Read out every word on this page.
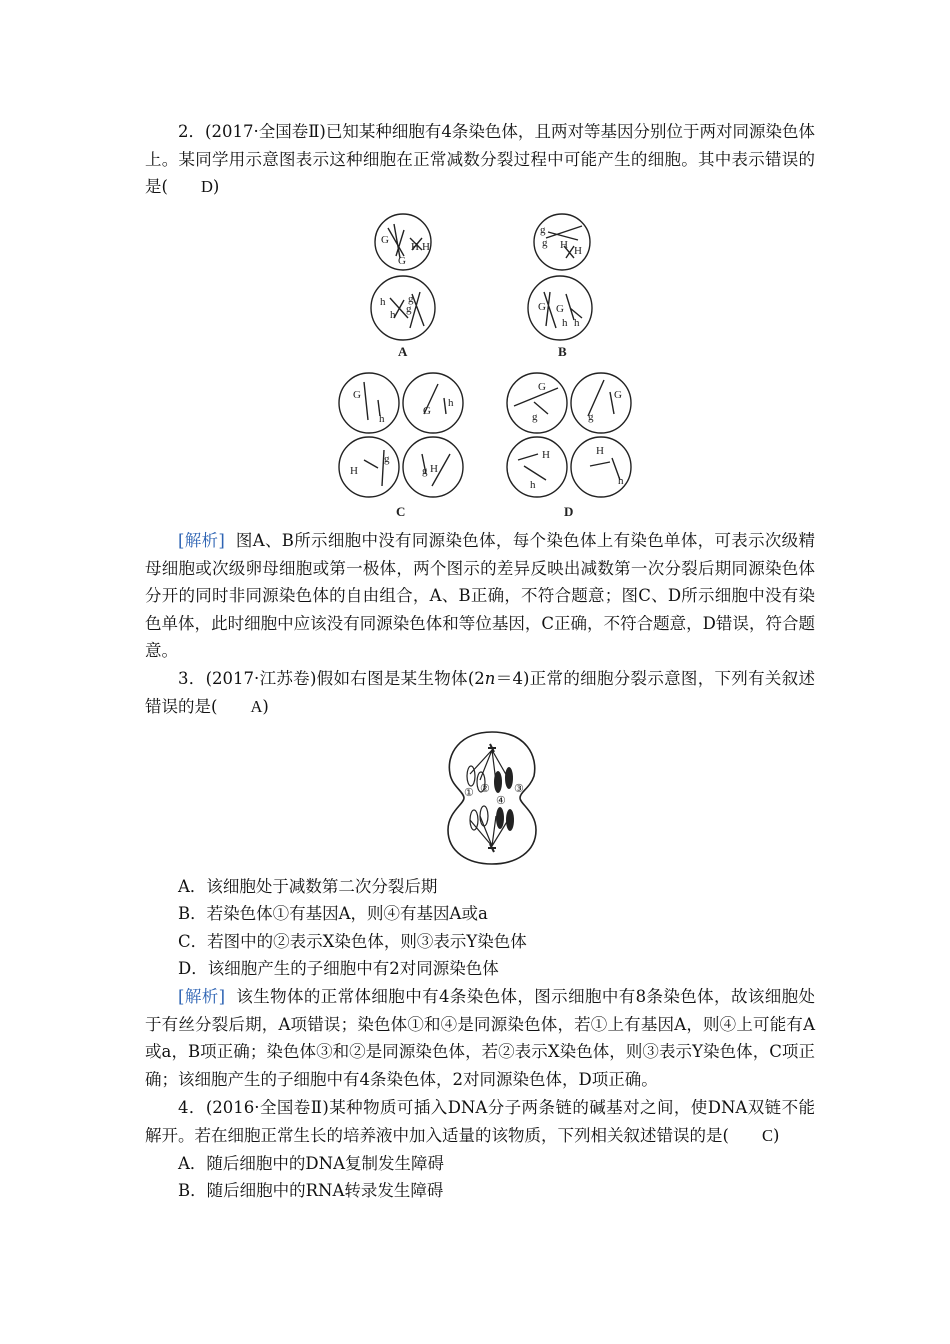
2．(2017·全国卷Ⅱ)已知某种细胞有4条染色体，且两对等基因分别位于两对同源染色体上。某同学用示意图表示这种细胞在正常减数分裂过程中可能产生的细胞。其中表示错误的是( D)
G
G
H H
h
h
g
g
g
g H H
G G
h h
A	B
G
h
G
h
H
g
g H
G
g	g
G
H
h
H
h
C	D
[解析] 图A、B所示细胞中没有同源染色体，每个染色体上有染色单体，可表示次级精母细胞或次级卵母细胞或第一极体，两个图示的差异反映出减数第一次分裂后期同源染色体分开的同时非同源染色体的自由组合，A、B正确，不符合题意；图C、D所示细胞中没有染色单体，此时细胞中应该没有同源染色体和等位基因，C正确，不符合题意，D错误，符合题意。
3．(2017·江苏卷)假如右图是某生物体(2n＝4)正常的细胞分裂示意图，下列有关叙述错误的是( A)
① ② ③
④
A．该细胞处于减数第二次分裂后期
B．若染色体①有基因A，则④有基因A或a
C．若图中的②表示X染色体，则③表示Y染色体
D．该细胞产生的子细胞中有2对同源染色体
[解析] 该生物体的正常体细胞中有4条染色体，图示细胞中有8条染色体，故该细胞处于有丝分裂后期，A项错误；染色体①和④是同源染色体，若①上有基因A，则④上可能有A或a，B项正确；染色体③和②是同源染色体，若②表示X染色体，则③表示Y染色体，C项正确；该细胞产生的子细胞中有4条染色体，2对同源染色体，D项正确。
4．(2016·全国卷Ⅱ)某种物质可插入DNA分子两条链的碱基对之间，使DNA双链不能解开。若在细胞正常生长的培养液中加入适量的该物质，下列相关叙述错误的是( C)
A．随后细胞中的DNA复制发生障碍
B．随后细胞中的RNA转录发生障碍
